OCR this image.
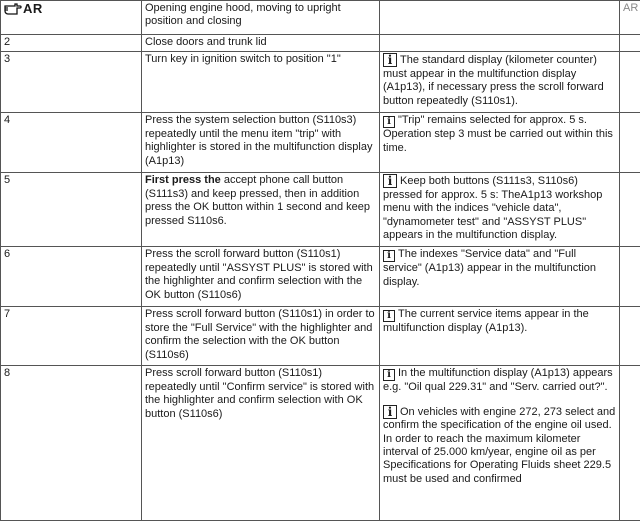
AR	Opening engine hood, moving to upright position and closing		AR
2	Close doors and trunk lid		
3	Turn key in ignition switch to position "1"	i The standard display (kilometer counter) must appear in the multifunction display (A1p13), if necessary press the scroll forward button repeatedly (S110s1).	
4	Press the system selection button (S110s3) repeatedly until the menu item "trip" with highlighter is stored in the multifunction display (A1p13)	i "Trip" remains selected for approx. 5 s. Operation step 3 must be carried out within this time.	
5	First press the accept phone call button (S111s3) and keep pressed, then in addition press the OK button within 1 second and keep pressed S110s6.	i Keep both buttons (S111s3, S110s6) pressed for approx. 5 s: TheA1p13 workshop menu with the indices "vehicle data", "dynamometer test" and "ASSYST PLUS" appears in the multifunction display.	
6	Press the scroll forward button (S110s1) repeatedly until "ASSYST PLUS" is stored with the highlighter and confirm selection with the OK button (S110s6)	i The indexes "Service data" and "Full service" (A1p13) appear in the multifunction display.	
7	Press scroll forward button (S110s1) in order to store the "Full Service" with the highlighter and confirm the selection with the OK button (S110s6)	i The current service items appear in the multifunction display (A1p13).	
8	Press scroll forward button (S110s1) repeatedly until "Confirm service" is stored with the highlighter and confirm selection with OK button (S110s6)	i In the multifunction display (A1p13) appears e.g. "Oil qual 229.31" and "Serv. carried out?".

i On vehicles with engine 272, 273 select and confirm the specification of the engine oil used. In order to reach the maximum kilometer interval of 25.000 km/year, engine oil as per Specifications for Operating Fluids sheet 229.5 must be used and confirmed	
